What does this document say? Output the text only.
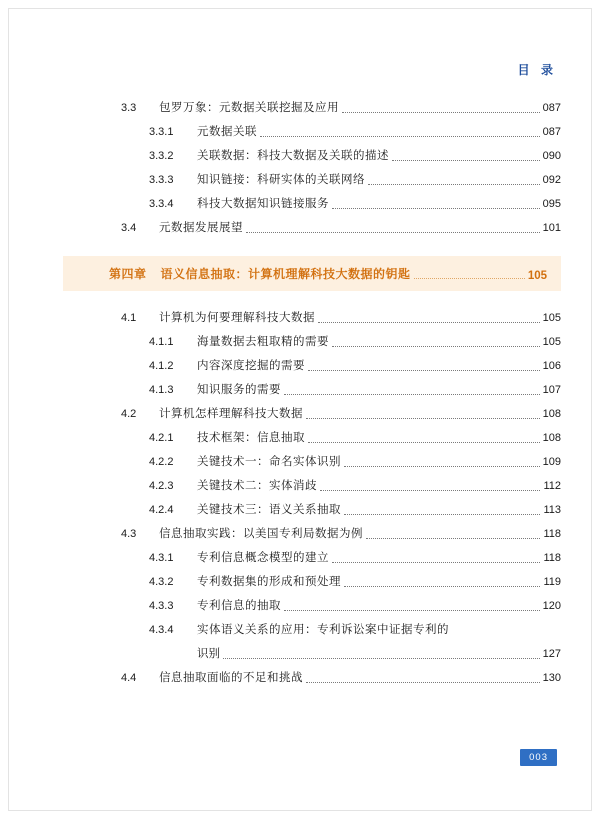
目 录
3.3	包罗万象：元数据关联挖掘及应用	087
3.3.1	元数据关联	087
3.3.2	关联数据：科技大数据及关联的描述	090
3.3.3	知识链接：科研实体的关联网络	092
3.3.4	科技大数据知识链接服务	095
3.4	元数据发展展望	101
第四章 语义信息抽取：计算机理解科技大数据的钥匙	105
4.1	计算机为何要理解科技大数据	105
4.1.1	海量数据去粗取精的需要	105
4.1.2	内容深度挖掘的需要	106
4.1.3	知识服务的需要	107
4.2	计算机怎样理解科技大数据	108
4.2.1	技术框架：信息抽取	108
4.2.2	关键技术一：命名实体识别	109
4.2.3	关键技术二：实体消歧	112
4.2.4	关键技术三：语义关系抽取	113
4.3	信息抽取实践：以美国专利局数据为例	118
4.3.1	专利信息概念模型的建立	118
4.3.2	专利数据集的形成和预处理	119
4.3.3	专利信息的抽取	120
4.3.4	实体语义关系的应用：专利诉讼案中证据专利的
识别	127
4.4	信息抽取面临的不足和挑战	130
003
